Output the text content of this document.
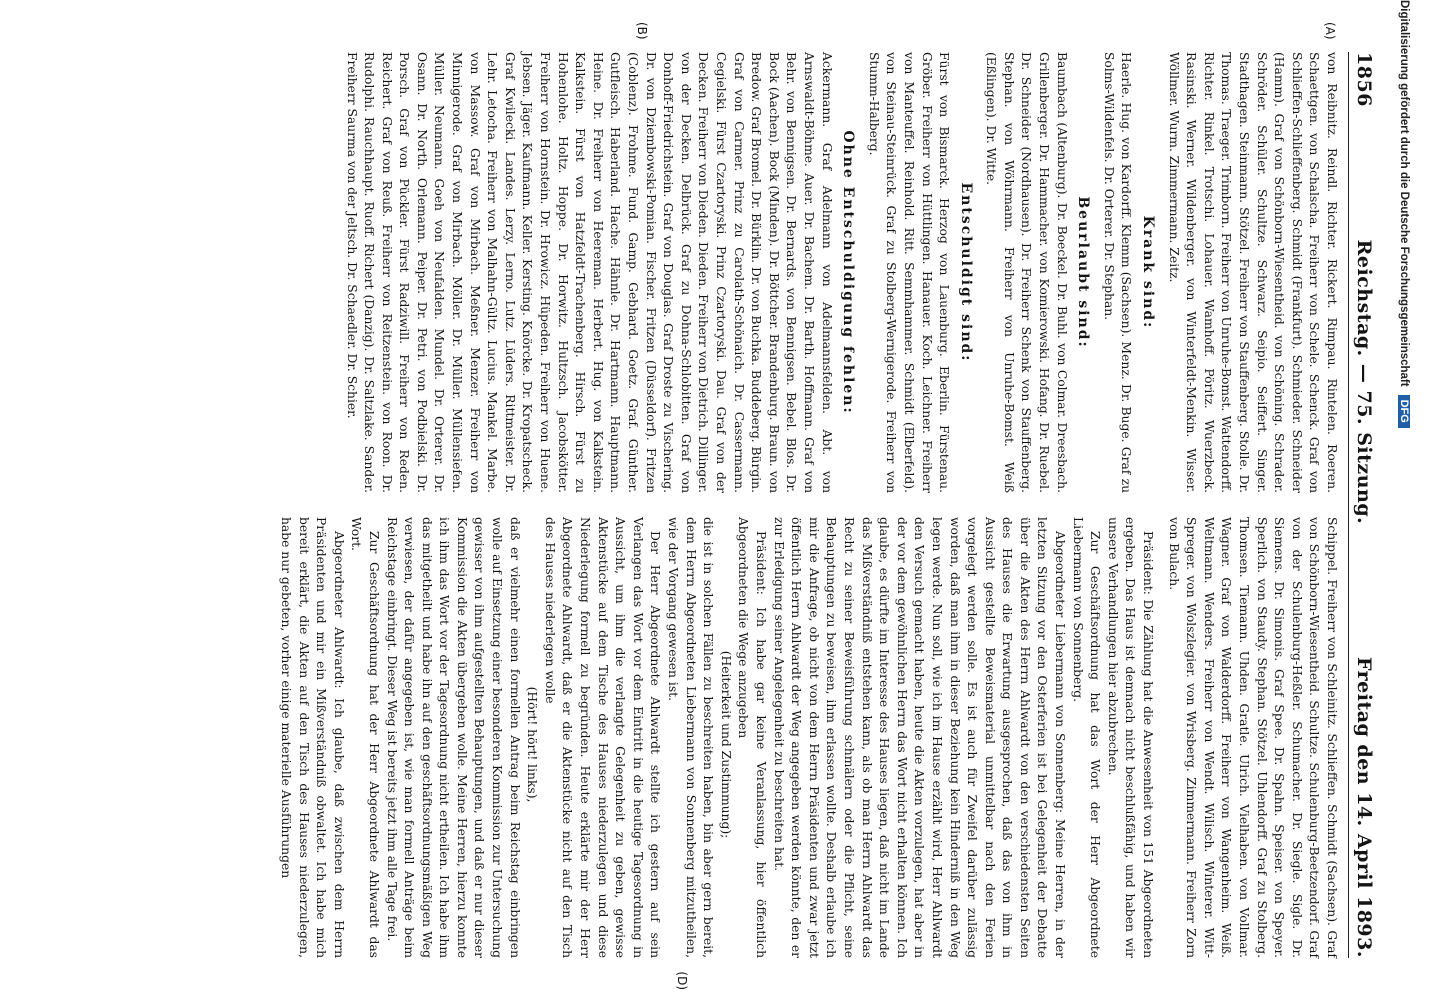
1856
Reichstag. — 75. Sitzung.
Freitag den 14. April 1893.
(A)
(B)

von Reibnitz. Reindl. Richter. Rickert. Rimpau. Rintelen. Roeren. Schaettgen. von Schalscha. Freiherr von Schele. Schenck. Graf von Schlieffen-Schlieffenberg. Schmidt (Frankfurt). Schmieder. Schneider (Hamm). Graf von Schönborn-Wiesentheid. von Schöning. Schrader. Schröder. Schüler. Schultze. Schwarz. Seipio. Seiffert. Singer. Stadthagen. Steinmann. Stötzel. Freiherr von Stauffenberg. Stolle. Dr. Thomas. Traeger. Trimborn. Freiherr von Unruhe-Bomst. Wattendorff. Richter. Rinkel. Trotschi. Lohauer. Wamhoff. Pöritz. Wuerzbeck. Rasinski. Werner. Wildenberger. von Winterfeldt-Menkin. Wisser. Wöllmer. Wurm. Zimmermann. Zeitz.

Krank sind:

Haerle. Hug. von Kardorff. Klemm (Sachsen). Menz. Dr. Buge. Graf zu Solms-Wildenfels. Dr. Orterer. Dr. Stephan.

Beurlaubt sind:

Baumbach (Altenburg). Dr. Boeckel. Dr. Buhl. von Colmar. Dreesbach. Grillenberger. Dr. Hammacher. von Komierowski. Hofang. Dr. Ruebel. Dr. Schneider (Nordhausen). Dr. Freiherr Schenk von Stauffenberg. Stephan. von Wöhrmann. Freiherr von Unruhe-Bomst. Weiß (Eßlingen). Dr. Witte.

Entschuldigt sind:

Fürst von Bismarck. Herzog von Lauenburg. Eberlin. Fürstenau. Gröber. Freiherr von Hüttlingen. Hanauer. Koch. Leichner. Freiherr von Manteuffel. Reinhold. Ritt. Semmhammer. Schmidt (Elberfeld). von Steinau-Steinrück. Graf zu Stolberg-Wernigerode. Freiherr von Stumm-Halberg.

Ohne Entschuldigung fehlen:

Ackermann. Graf Adelmann von Adelmannsfelden. Abt. von Arnswaldt-Böhme. Auer. Dr. Bachem. Dr. Barth. Hoffmann. Graf von Behr. von Bennigsen. Dr. Bernards. von Bennigsen. Bebel. Blos. Dr. Bock (Aachen). Bock (Minden). Dr. Böttcher. Brandenburg. Braun. von Bredow. Graf Bromel. Dr. Bürklin. Dr. von Buchka. Buddeberg. Bürgin. Graf von Carmer. Prinz zu Carolath-Schönaich. Dr. Cassermann. Cegielski. Fürst Czartoryski. Prinz Czartoryski. Dau. Graf von der Decken. Freiherr von Dieden. Dieden. Freiherr von Dietrich. Dillinger. von der Decken. Delbrück. Graf zu Dohna-Schlobitten. Graf von Donhoff-Friedrichstein. Graf von Douglas. Graf Droste zu Vischering. Dr. von Dziembowski-Pomian. Fischer. Fritzen (Düsseldorf). Fritzen (Coblenz). Frohme. Fund. Gamp. Gebhard. Goetz. Graf. Günther. Gutfleisch. Haberland. Hache. Hähnle. Dr. Hartmann. Hauptmann. Heine. Dr. Freiherr von Heereman. Herbert. Hug. von Kalkstein. Kalkstein. Fürst von Hatzfeldt-Trachenberg. Hirsch. Fürst zu Hohenlohe. Holtz. Hoppe. Dr. Horwitz. Hultzsch. Jacobskötter. Freiherr von Hornstein. Dr. Hrowicz. Hüpeden. Freiherr von Huene. Jebsen. Jäger. Kaufmann. Keller. Kersting. Knörcke. Dr. Kropatscheck. Graf Kwilecki. Landes. Lerzy. Lerno. Lutz. Lüders. Rittmeister. Dr. Lehr. Letocha. Freiherr von Malhahn-Gültz. Lucius. Mankel. Marbe. von Massow. Graf von Mirbach. Meßner. Menzer. Freiherr von Minnigerode. Graf von Mirbach. Möller. Dr. Müller. Müllensiefen. Müller. Neumann. Goeh von Neufalden. Mundel. Dr. Orterer. Dr. Osann. Dr. North. Orlemann. Peiper. Dr. Petri. von Podbielski. Dr. Porsch. Graf von Pückler. Fürst Radziwill. Freiherr von Reden. Reichert. Graf von Reuß. Freiherr von Reitzenstein. von Roon. Dr. Rudolphi. Rauchhaupt. Ruoff. Richert (Danzig). Dr. Saltzlake. Sander. Freiherr Saurma von der Jeltsch. Dr. Schaedler. Dr. Schier.

(D)

Schippel. Freiherr von Schleinitz. Schlieffen. Schmidt (Sachsen). Graf von Schönborn-Wiesentheid. Schultze. Schulenburg-Beetzendorf. Graf von der Schulenburg-Heßler. Schumacher. Dr. Siegle. Sigle. Dr. Siemens. Dr. Simonis. Graf Spee. Dr. Spahn. Speiser. von Speyer. Sperlich. von Staudy. Stephan. Stötzel. Uhlendorff. Graf zu Stolberg. Thomsen. Tiemann. Uhden. Gratle. Ulrich. Vielhaben. von Vollmar. Wagner. Graf von Walderdorff. Freiherr von Wangenheim. Weiß. Weltmann. Wenders. Freiherr von Wendt. Wilisch. Winterer. Witt-Spreger. von Wolszlegier. von Wrisberg. Zimmermann. Freiherr Zorn von Bulach.

Präsident: Die Zählung hat die Anwesenheit von 151 Abgeordneten ergeben. Das Haus ist demnach nicht beschlußfähig, und haben wir unsere Verhandlungen hier abzubrechen.

Zur Geschäftsordnung hat das Wort der Herr Abgeordnete Liebermann von Sonnenberg.

Abgeordneter Liebermann von Sonnenberg: Meine Herren, in der letzten Sitzung vor den Osterferien ist bei Gelegenheit der Debatte über die Akten des Herrn Ahlwardt von den verschiedensten Seiten des Hauses die Erwartung ausgesprochen, daß das von ihm in Aussicht gestellte Beweismaterial unmittelbar nach den Ferien vorgelegt werden solle. Es ist auch für Zweifel darüber zulässig worden, daß man ihm in dieser Beziehung kein Hinderniß in den Weg legen werde. Nun soll, wie ich im Hause erzählt wird, Herr Ahlwardt den Versuch gemacht haben, heute die Akten vorzulegen, hat aber in der vor dem gewöhnlichen Herrn das Wort nicht erhalten können. Ich glaube, es dürfte im Interesse des Hauses liegen, daß nicht im Lande das Mißverständniß entstehen kann, als ob man Herrn Ahlwardt das Recht zu seiner Beweisführung schmälern oder die Pflicht, seine Behauptungen zu beweisen, ihm erlassen wollte. Deshalb erlaube ich mir die Anfrage, ob nicht von dem Herrn Präsidenten und zwar jetzt öffentlich Herrn Ahlwardt der Weg angegeben werden könnte, den er zur Erledigung seiner Angelegenheit zu beschreiten hat.

Präsident: Ich habe gar keine Veranlassung, hier öffentlich Abgeordneten die Wege anzugeben

(Heiterkeit und Zustimmung);

die ist in solchen Fällen zu beschreiten haben, bin aber gern bereit, dem Herrn Abgeordneten Liebermann von Sonnenberg mitzutheilen, wie der Vorgang gewesen ist.

Der Herr Abgeordnete Ahlwardt stellte ich gestern auf sein Verlangen das Wort vor dem Eintritt in die heutige Tagesordnung in Aussicht, um ihm die verlangte Gelegenheit zu geben, gewisse Aktenstücke auf dem Tische des Hauses niederzulegen und diese Niederlegung formell zu begründen. Heute erklärte mir der Herr Abgeordnete Ahlwardt, daß er die Aktenstücke nicht auf den Tisch des Hauses niederlegen wolle

(Hört! hört! links),

daß er vielmehr einen formellen Antrag beim Reichstag einbringen wolle auf Einsetzung einer besonderen Kommission zur Untersuchung gewisser von ihm aufgestellten Behauptungen, und daß er nur dieser Kommission die Akten übergeben wolle. Meine Herren, hierzu konnte ich ihm das Wort vor der Tagesordnung nicht ertheilen. Ich habe ihm das mitgetheilt und habe ihn auf den geschäftsordnungsmäßigen Weg verwiesen, der dafür angegeben ist, wie man formell Anträge beim Reichstage einbringt. Dieser Weg ist bereits jetzt ihm alle Tage frei.

Zur Geschäftsordnung hat der Herr Abgeordnete Ahlwardt das Wort.

Abgeordneter Ahlwardt: Ich glaube, daß zwischen dem Herrn Präsidenten und mir ein Mißverständniß obwaltet. Ich habe mich bereit erklärt, die Akten auf den Tisch des Hauses niederzulegen, habe nur gebeten, vorher einige materielle Ausführungen

Digitalisierung gefördert durch die Deutsche Forschungsgemeinschaft
DFG
